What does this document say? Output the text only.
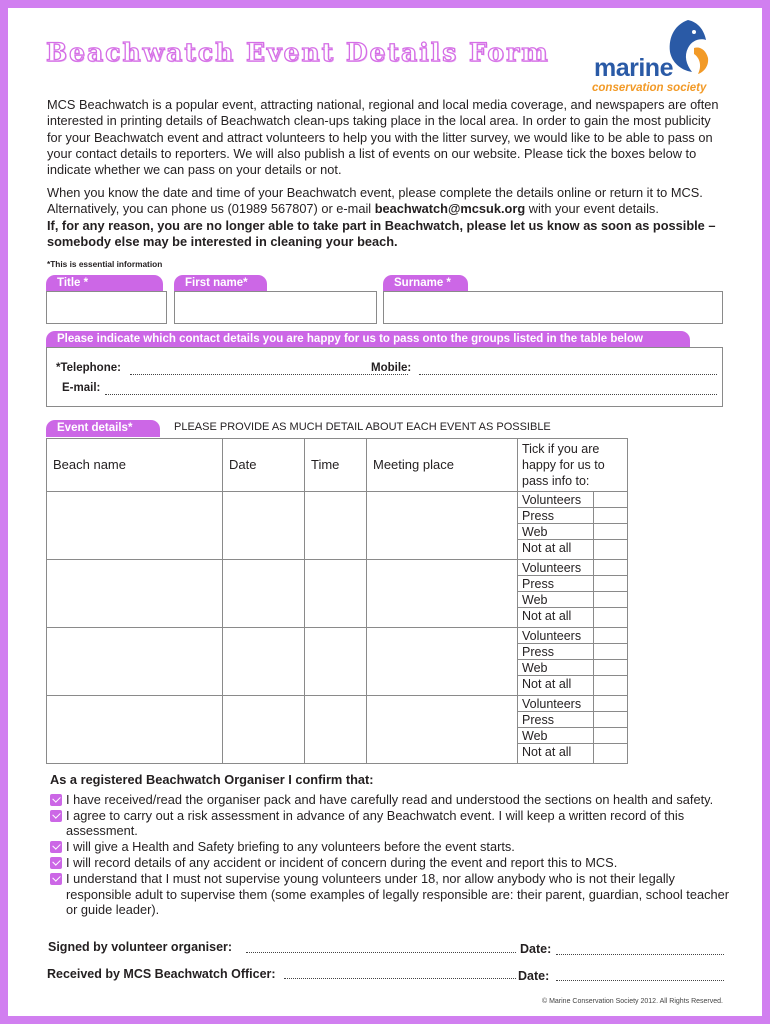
Beachwatch Event Details Form
marine
conservation society
MCS Beachwatch is a popular event, attracting national, regional and local media coverage, and newspapers are often interested in printing details of Beachwatch clean-ups taking place in the local area. In order to gain the most publicity for your Beachwatch event and attract volunteers to help you with the litter survey, we would like to be able to pass on your contact details to reporters. We will also publish a list of events on our website. Please tick the boxes below to indicate whether we can pass on your details or not.
When you know the date and time of your Beachwatch event, please complete the details online or return it to MCS. Alternatively, you can phone us (01989 567807) or e-mail beachwatch@mcsuk.org with your event details.
If, for any reason, you are no longer able to take part in Beachwatch, please let us know as soon as possible – somebody else may be interested in cleaning your beach.
*This is essential information
Title *	First name*	Surname *
Please indicate which contact details you are happy for us to pass onto the groups listed in the table below
*Telephone:	Mobile:
E-mail:
Event details*	PLEASE PROVIDE AS MUCH DETAIL ABOUT EACH EVENT AS POSSIBLE
Beach name	Date	Time	Meeting place	Tick if you are happy for us to pass info to:	

				Volunteers
Press
Web
Not at all	

				Volunteers
Press
Web
Not at all	

				Volunteers
Press
Web
Not at all	

				Volunteers
Press
Web
Not at all	

As a registered Beachwatch Organiser I confirm that:
I have received/read the organiser pack and have carefully read and understood the sections on health and safety.
I agree to carry out a risk assessment in advance of any Beachwatch event. I will keep a written record of this assessment.
I will give a Health and Safety briefing to any volunteers before the event starts.
I will record details of any accident or incident of concern during the event and report this to MCS.
I understand that I must not supervise young volunteers under 18, nor allow anybody who is not their legally responsible adult to supervise them (some examples of legally responsible are: their parent, guardian, school teacher or guide leader).
Signed by volunteer organiser:	Date:
Received by MCS Beachwatch Officer:	Date:
© Marine Conservation Society 2012. All Rights Reserved.
